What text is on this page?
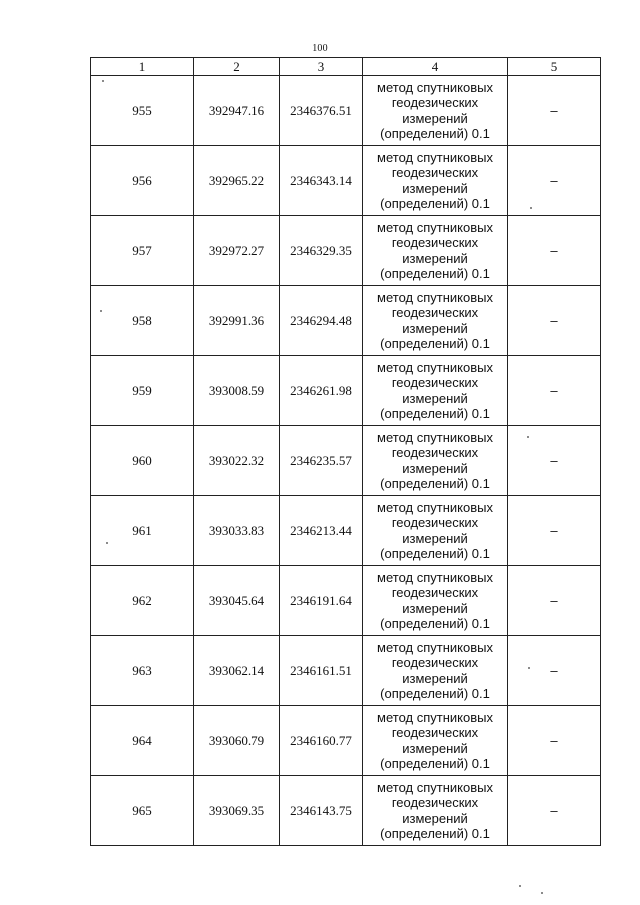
100
1	2	3	4	5
955	392947.16	2346376.51	метод спутниковых
геодезических
измерений
(определений) 0.1	–
956	392965.22	2346343.14	метод спутниковых
геодезических
измерений
(определений) 0.1	–
957	392972.27	2346329.35	метод спутниковых
геодезических
измерений
(определений) 0.1	–
958	392991.36	2346294.48	метод спутниковых
геодезических
измерений
(определений) 0.1	–
959	393008.59	2346261.98	метод спутниковых
геодезических
измерений
(определений) 0.1	–
960	393022.32	2346235.57	метод спутниковых
геодезических
измерений
(определений) 0.1	–
961	393033.83	2346213.44	метод спутниковых
геодезических
измерений
(определений) 0.1	–
962	393045.64	2346191.64	метод спутниковых
геодезических
измерений
(определений) 0.1	–
963	393062.14	2346161.51	метод спутниковых
геодезических
измерений
(определений) 0.1	–
964	393060.79	2346160.77	метод спутниковых
геодезических
измерений
(определений) 0.1	–
965	393069.35	2346143.75	метод спутниковых
геодезических
измерений
(определений) 0.1	–
